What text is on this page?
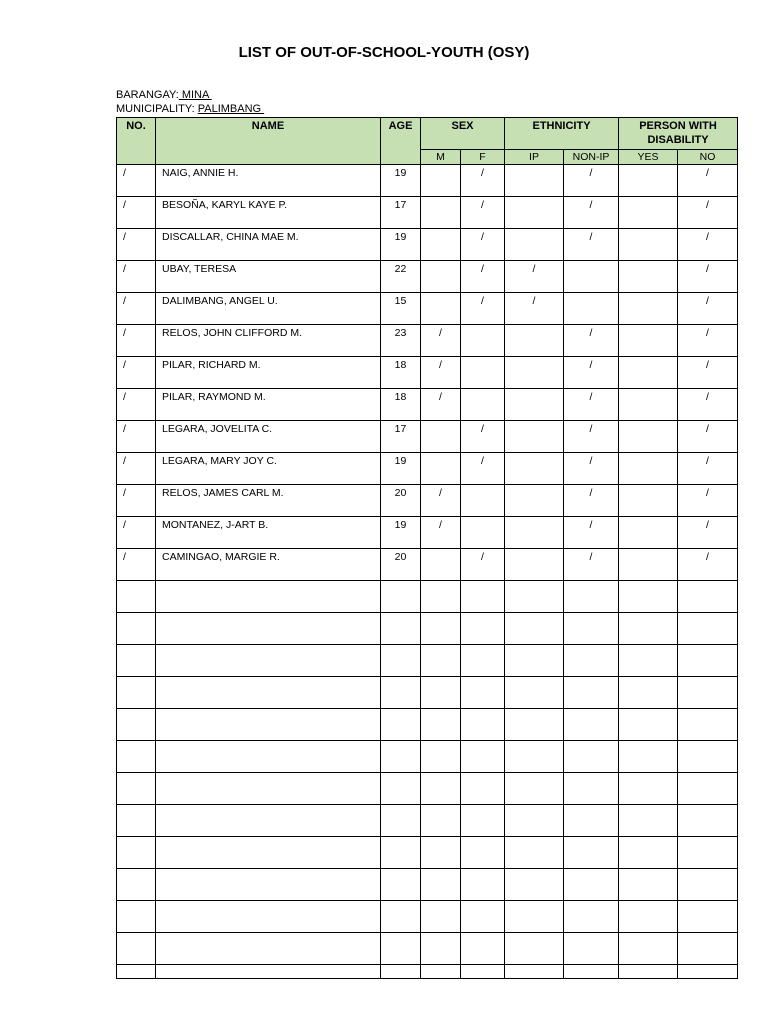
LIST OF OUT-OF-SCHOOL-YOUTH (OSY)
BARANGAY: MINA
MUNICIPALITY: PALIMBANG
NO.	NAME	AGE	SEX		ETHNICITY		PERSON WITH DISABILITY	
			M	F	IP	NON-IP	YES	NO
/	NAIG, ANNIE H.	19		/		/		/
/	BESOÑA, KARYL KAYE P.	17		/		/		/
/	DISCALLAR, CHINA MAE M.	19		/		/		/
/	UBAY, TERESA	22		/	/			/
/	DALIMBANG, ANGEL U.	15		/	/			/
/	RELOS, JOHN CLIFFORD M.	23	/			/		/
/	PILAR, RICHARD M.	18	/			/		/
/	PILAR, RAYMOND M.	18	/			/		/
/	LEGARA, JOVELITA C.	17		/		/		/
/	LEGARA, MARY JOY C.	19		/		/		/
/	RELOS, JAMES CARL M.	20	/			/		/
/	MONTANEZ, J-ART B.	19	/			/		/
/	CAMINGAO, MARGIE R.	20		/		/		/
